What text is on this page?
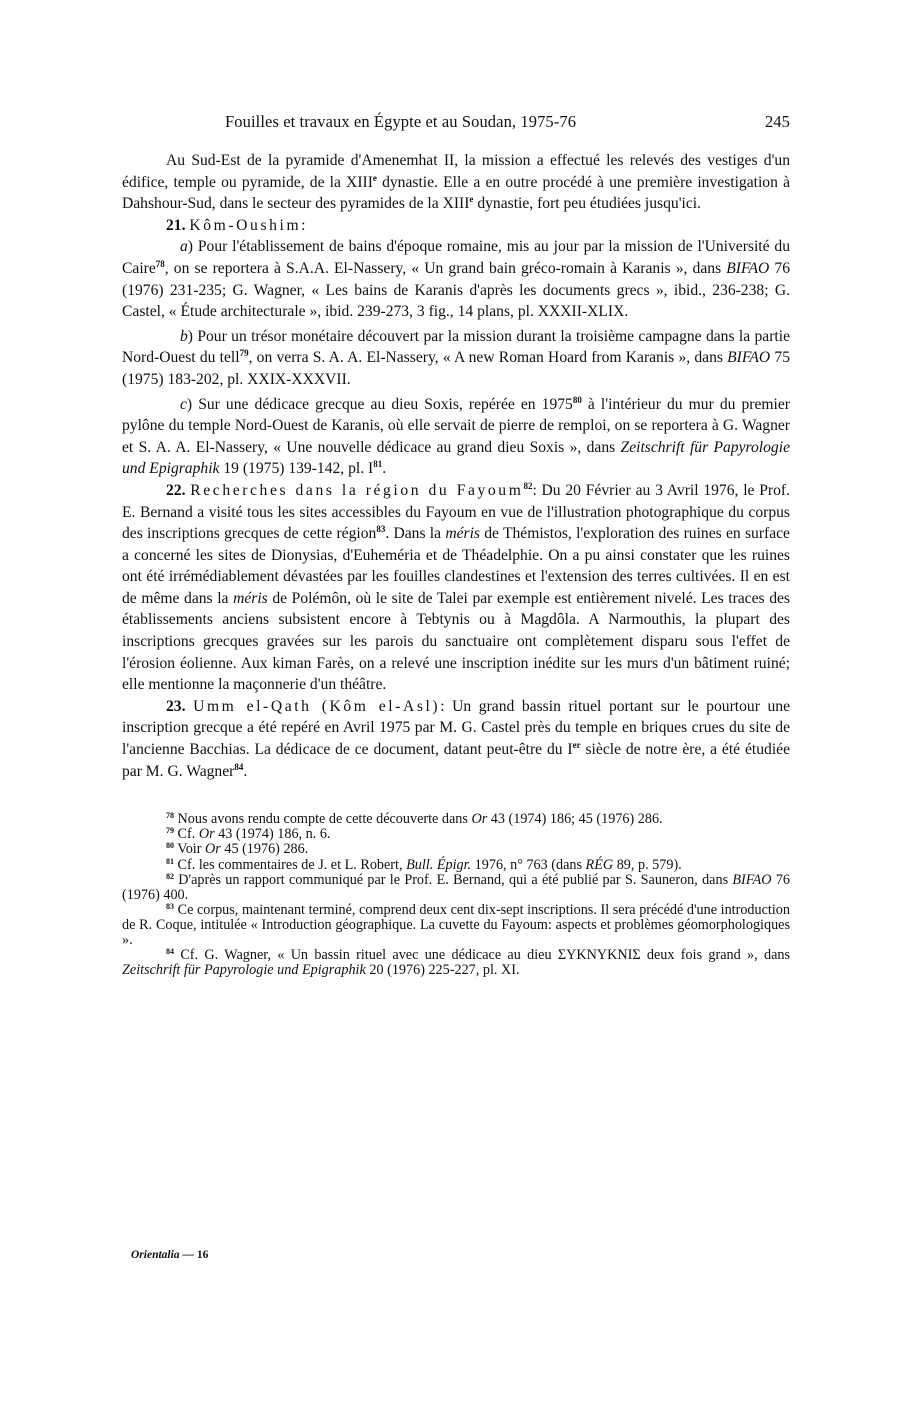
Fouilles et travaux en Égypte et au Soudan, 1975-76	245

Au Sud-Est de la pyramide d'Amenemhat II, la mission a effectué les relevés des vestiges d'un édifice, temple ou pyramide, de la XIIIe dynastie. Elle a en outre procédé à une première investigation à Dahshour-Sud, dans le secteur des pyramides de la XIIIe dynastie, fort peu étudiées jusqu'ici.

21. Kôm-Oushim:

a) Pour l'établissement de bains d'époque romaine, mis au jour par la mission de l'Université du Caire$^{78}$, on se reportera à S.A.A. El-Nassery, « Un grand bain gréco-romain à Karanis », dans BIFAO 76 (1976) 231-235; G. Wagner, « Les bains de Karanis d'après les documents grecs », ibid., 236-238; G. Castel, « Étude architecturale », ibid. 239-273, 3 fig., 14 plans, pl. XXXII-XLIX.

b) Pour un trésor monétaire découvert par la mission durant la troisième campagne dans la partie Nord-Ouest du tell$^{79}$, on verra S. A. A. El-Nassery, « A new Roman Hoard from Karanis », dans BIFAO 75 (1975) 183-202, pl. XXIX-XXXVII.

c) Sur une dédicace grecque au dieu Soxis, repérée en 1975$^{80}$ à l'intérieur du mur du premier pylône du temple Nord-Ouest de Karanis, où elle servait de pierre de remploi, on se reportera à G. Wagner et S. A. A. El-Nassery, « Une nouvelle dédicace au grand dieu Soxis », dans Zeitschrift für Papyrologie und Epigraphik 19 (1975) 139-142, pl. $I^{81}$.

22. Recherches dans la région du Fayoum$^{82}$: Du 20 Février au 3 Avril 1976, le Prof. E. Bernand a visité tous les sites accessibles du Fayoum en vue de l'illustration photographique du corpus des inscriptions grecques de cette région$^{83}$. Dans la méris de Thémistos, l'exploration des ruines en surface a concerné les sites de Dionysias, d'Euheméria et de Théadelphie. On a pu ainsi constater que les ruines ont été irrémédiablement dévastées par les fouilles clandestines et l'extension des terres cultivées. Il en est de même dans la méris de Polémôn, où le site de Talei par exemple est entièrement nivelé. Les traces des établissements anciens subsistent encore à Tebtynis ou à Magdôla. A Narmouthis, la plupart des inscriptions grecques gravées sur les parois du sanctuaire ont complètement disparu sous l'effet de l'érosion éolienne. Aux kiman Farès, on a relevé une inscription inédite sur les murs d'un bâtiment ruiné; elle mentionne la maçonnerie d'un théâtre.

23. Umm el-Qath (Kôm el-Asl): Un grand bassin rituel portant sur le pourtour une inscription grecque a été repéré en Avril 1975 par M. G. Castel près du temple en briques crues du site de l'ancienne Bacchias. La dédicace de ce document, datant peut-être du Ier siècle de notre ère, a été étudiée par M. G. Wagner$^{84}$.

$^{78}$ Nous avons rendu compte de cette découverte dans Or 43 (1974) 186; 45 (1976) 286.

$^{79}$ Cf. Or 43 (1974) 186, n. 6.

$^{80}$ Voir Or 45 (1976) 286.

$^{81}$ Cf. les commentaires de J. et L. Robert, Bull. Épigr. 1976, n° 763 (dans RÉG 89, p. 579).

$^{82}$ D'après un rapport communiqué par le Prof. E. Bernand, qui a été publié par S. Sauneron, dans BIFAO 76 (1976) 400.

$^{83}$ Ce corpus, maintenant terminé, comprend deux cent dix-sept inscriptions. Il sera précédé d'une introduction de R. Coque, intitulée « Introduction géographique. La cuvette du Fayoum: aspects et problèmes géomorphologiques ».

$^{84}$ Cf. G. Wagner, « Un bassin rituel avec une dédicace au dieu ΣΥΚΝΥΚΝΙΣ deux fois grand », dans Zeitschrift für Papyrologie und Epigraphik 20 (1976) 225-227, pl. XI.

Orientalia — 16
